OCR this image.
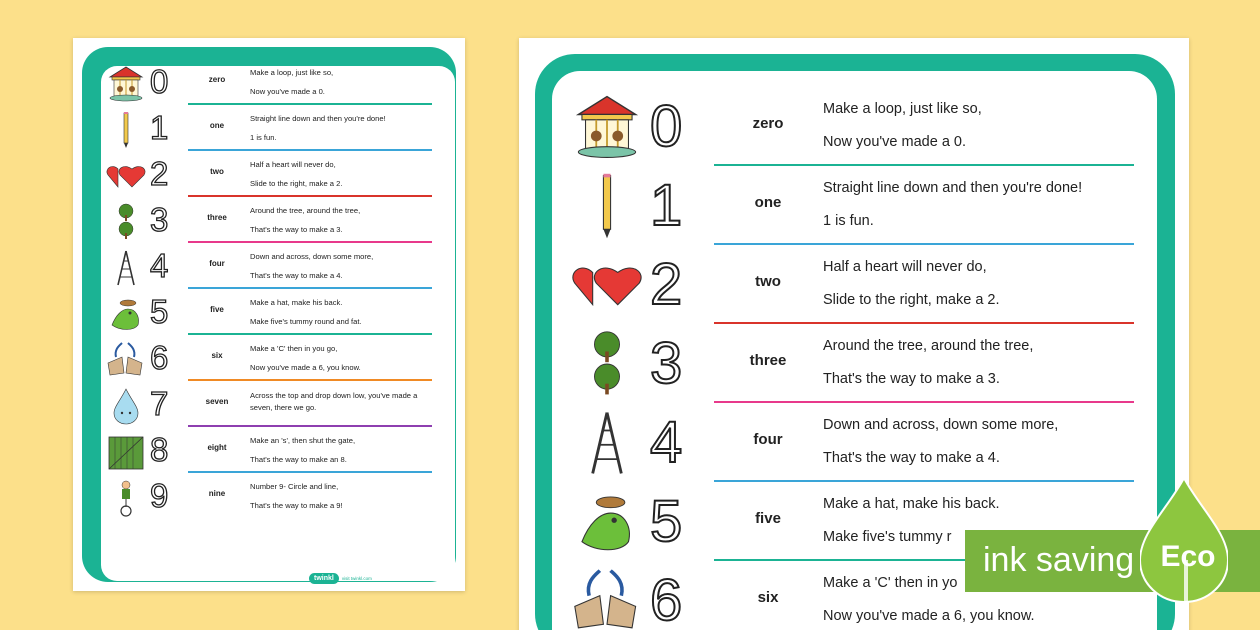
twinkl visit twinkl.com
0	zero
Make a loop, just like so,
Now you've made a 0.
1	one
Straight line down and then you're done!
1 is fun.
2	two
Half a heart will never do,
Slide to the right, make a 2.
3	three
Around the tree, around the tree,
That's the way to make a 3.
4	four
Down and across, down some more,
That's the way to make a 4.
5	five
Make a hat, make his back.
Make five's tummy round and fat.
6	six
Make a 'C' then in you go,
Now you've made a 6, you know.
7	seven
Across the top and drop down low, you've made a seven, there we go.
8	eight
Make an 's', then shut the gate,
That's the way to make an 8.
9	nine
Number 9- Circle and line,
That's the way to make a 9!
0	zero
Make a loop, just like so,
Now you've made a 0.
1	one
Straight line down and then you're done!
1 is fun.
2	two
Half a heart will never do,
Slide to the right, make a 2.
3	three
Around the tree, around the tree,
That's the way to make a 3.
4	four
Down and across, down some more,
That's the way to make a 4.
5	five
Make a hat, make his back.
Make five's tummy r
6	six
Make a 'C' then in yo
Now you've made a 6, you know.
ink saving Eco
